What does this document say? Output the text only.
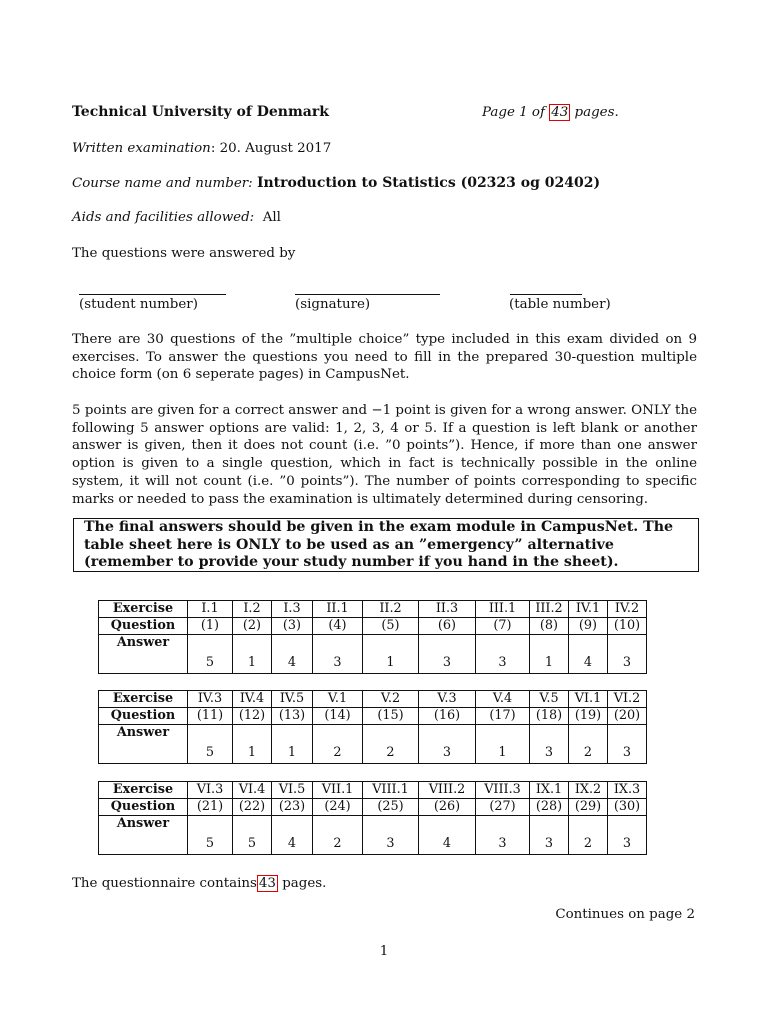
Technical University of Denmark	Page 1 of 43 pages.
Written examination: 20. August 2017
Course name and number: Introduction to Statistics (02323 og 02402)
Aids and facilities allowed: All
The questions were answered by
(student number)	(signature)	(table number)
There are 30 questions of the ”multiple choice” type included in this exam divided on 9 exercises. To answer the questions you need to fill in the prepared 30-question multiple choice form (on 6 seperate pages) in CampusNet.
5 points are given for a correct answer and −1 point is given for a wrong answer. ONLY the following 5 answer options are valid: 1, 2, 3, 4 or 5. If a question is left blank or another answer is given, then it does not count (i.e. ”0 points”). Hence, if more than one answer option is given to a single question, which in fact is technically possible in the online system, it will not count (i.e. ”0 points”). The number of points corresponding to specific marks or needed to pass the examination is ultimately determined during censoring.
The final answers should be given in the exam module in CampusNet. The table sheet here is ONLY to be used as an ”emergency” alternative (remember to provide your study number if you hand in the sheet).
Exercise	I.1	I.2	I.3	II.1	II.2	II.3	III.1	III.2	IV.1	IV.2
Question	(1)	(2)	(3)	(4)	(5)	(6)	(7)	(8)	(9)	(10)
Answer	5	1	4	3	1	3	3	1	4	3
Exercise	IV.3	IV.4	IV.5	V.1	V.2	V.3	V.4	V.5	VI.1	VI.2
Question	(11)	(12)	(13)	(14)	(15)	(16)	(17)	(18)	(19)	(20)
Answer	5	1	1	2	2	3	1	3	2	3
Exercise	VI.3	VI.4	VI.5	VII.1	VIII.1	VIII.2	VIII.3	IX.1	IX.2	IX.3
Question	(21)	(22)	(23)	(24)	(25)	(26)	(27)	(28)	(29)	(30)
Answer	5	5	4	2	3	4	3	3	2	3
The questionnaire contains 43 pages.
Continues on page 2
1
